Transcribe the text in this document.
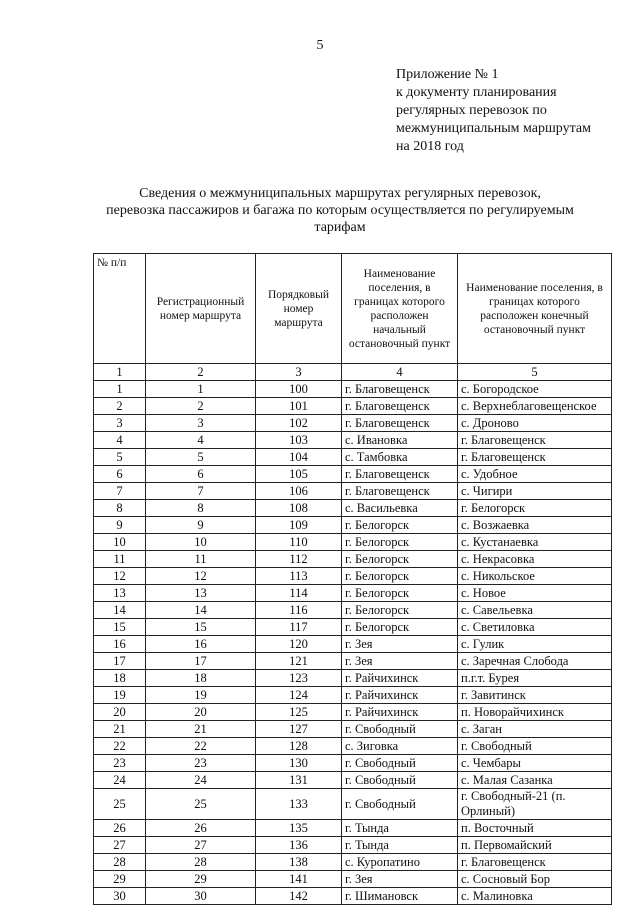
5
Приложение № 1
к документу планирования
регулярных перевозок по
межмуниципальным маршрутам
на 2018 год
Сведения о межмуниципальных маршрутах регулярных перевозок,
перевозка пассажиров и багажа по которым осуществляется по регулируемым
тарифам
№ п/п	Регистрационный номер маршрута	Порядковый номер маршрута	Наименование поселения, в границах которого расположен начальный остановочный пункт	Наименование поселения, в границах которого расположен конечный остановочный пункт
1	2	3	4	5
1	1	100	г. Благовещенск	с. Богородское
2	2	101	г. Благовещенск	с. Верхнеблаговещенское
3	3	102	г. Благовещенск	с. Дроново
4	4	103	с. Ивановка	г. Благовещенск
5	5	104	с. Тамбовка	г. Благовещенск
6	6	105	г. Благовещенск	с. Удобное
7	7	106	г. Благовещенск	с. Чигири
8	8	108	с. Васильевка	г. Белогорск
9	9	109	г. Белогорск	с. Возжаевка
10	10	110	г. Белогорск	с. Кустанаевка
11	11	112	г. Белогорск	с. Некрасовка
12	12	113	г. Белогорск	с. Никольское
13	13	114	г. Белогорск	с. Новое
14	14	116	г. Белогорск	с. Савельевка
15	15	117	г. Белогорск	с. Светиловка
16	16	120	г. Зея	с. Гулик
17	17	121	г. Зея	с. Заречная Слобода
18	18	123	г. Райчихинск	п.г.т. Бурея
19	19	124	г. Райчихинск	г. Завитинск
20	20	125	г. Райчихинск	п. Новорайчихинск
21	21	127	г. Свободный	с. Заган
22	22	128	с. Зиговка	г. Свободный
23	23	130	г. Свободный	с. Чембары
24	24	131	г. Свободный	с. Малая Сазанка
25	25	133	г. Свободный	г. Свободный-21 (п. Орлиный)
26	26	135	г. Тында	п. Восточный
27	27	136	г. Тында	п. Первомайский
28	28	138	с. Куропатино	г. Благовещенск
29	29	141	г. Зея	с. Сосновый Бор
30	30	142	г. Шимановск	с. Малиновка
